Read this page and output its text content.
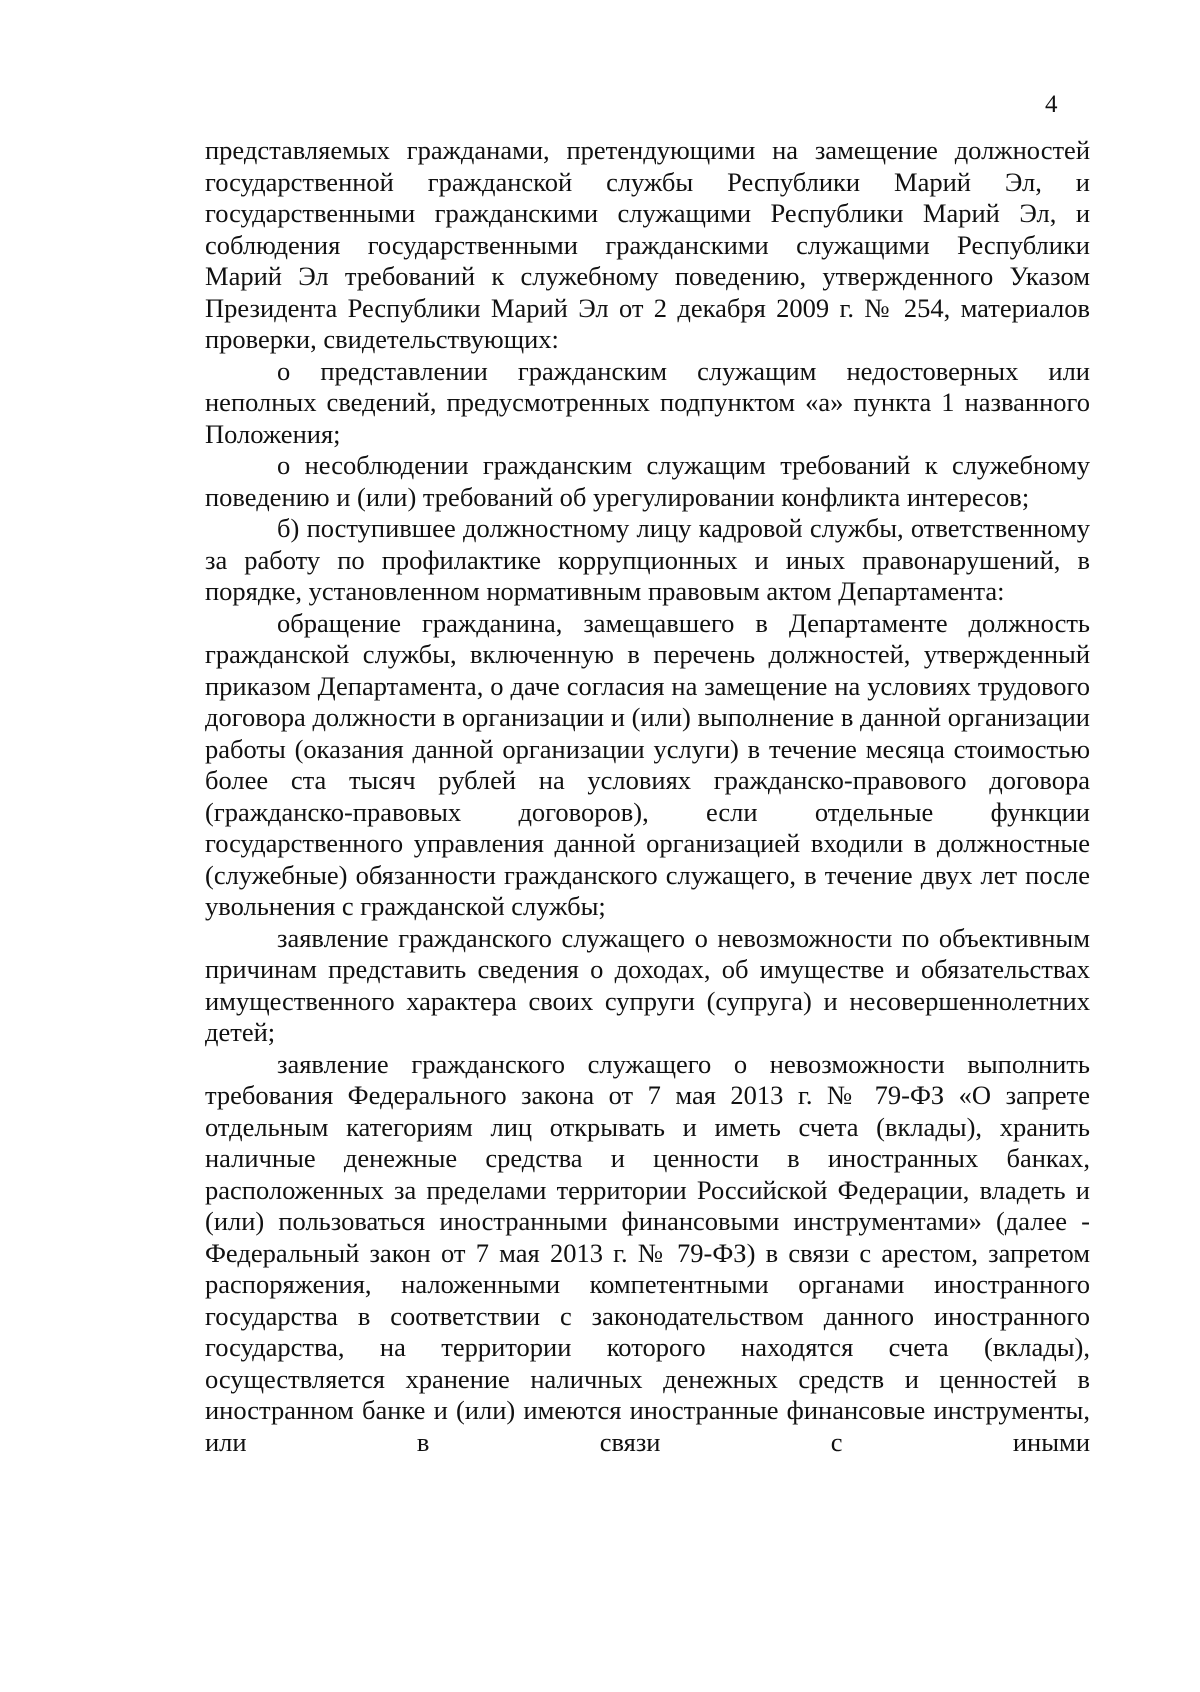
4

представляемых гражданами, претендующими на замещение должностей государственной гражданской службы Республики Марий Эл, и государственными гражданскими служащими Республики Марий Эл, и соблюдения государственными гражданскими служащими Республики Марий Эл требований к служебному поведению, утвержденного Указом Президента Республики Марий Эл от 2 декабря 2009 г. № 254, материалов проверки, свидетельствующих:

о представлении гражданским служащим недостоверных или неполных сведений, предусмотренных подпунктом «а» пункта 1 названного Положения;

о несоблюдении гражданским служащим требований к служебному поведению и (или) требований об урегулировании конфликта интересов;

б) поступившее должностному лицу кадровой службы, ответственному за работу по профилактике коррупционных и иных правонарушений, в порядке, установленном нормативным правовым актом Департамента:

обращение гражданина, замещавшего в Департаменте должность гражданской службы, включенную в перечень должностей, утвержденный приказом Департамента, о даче согласия на замещение на условиях трудового договора должности в организации и (или) выполнение в данной организации работы (оказания данной организации услуги) в течение месяца стоимостью более ста тысяч рублей на условиях гражданско-правового договора (гражданско-правовых договоров), если отдельные функции государственного управления данной организацией входили в должностные (служебные) обязанности гражданского служащего, в течение двух лет после увольнения с гражданской службы;

заявление гражданского служащего о невозможности по объективным причинам представить сведения о доходах, об имуществе и обязательствах имущественного характера своих супруги (супруга) и несовершеннолетних детей;

заявление гражданского служащего о невозможности выполнить требования Федерального закона от 7 мая 2013 г. № 79-ФЗ «О запрете отдельным категориям лиц открывать и иметь счета (вклады), хранить наличные денежные средства и ценности в иностранных банках, расположенных за пределами территории Российской Федерации, владеть и (или) пользоваться иностранными финансовыми инструментами» (далее - Федеральный закон от 7 мая 2013 г. № 79-ФЗ) в связи с арестом, запретом распоряжения, наложенными компетентными органами иностранного государства в соответствии с законодательством данного иностранного государства, на территории которого находятся счета (вклады), осуществляется хранение наличных денежных средств и ценностей в иностранном банке и (или) имеются иностранные финансовые инструменты, или в связи с иными
